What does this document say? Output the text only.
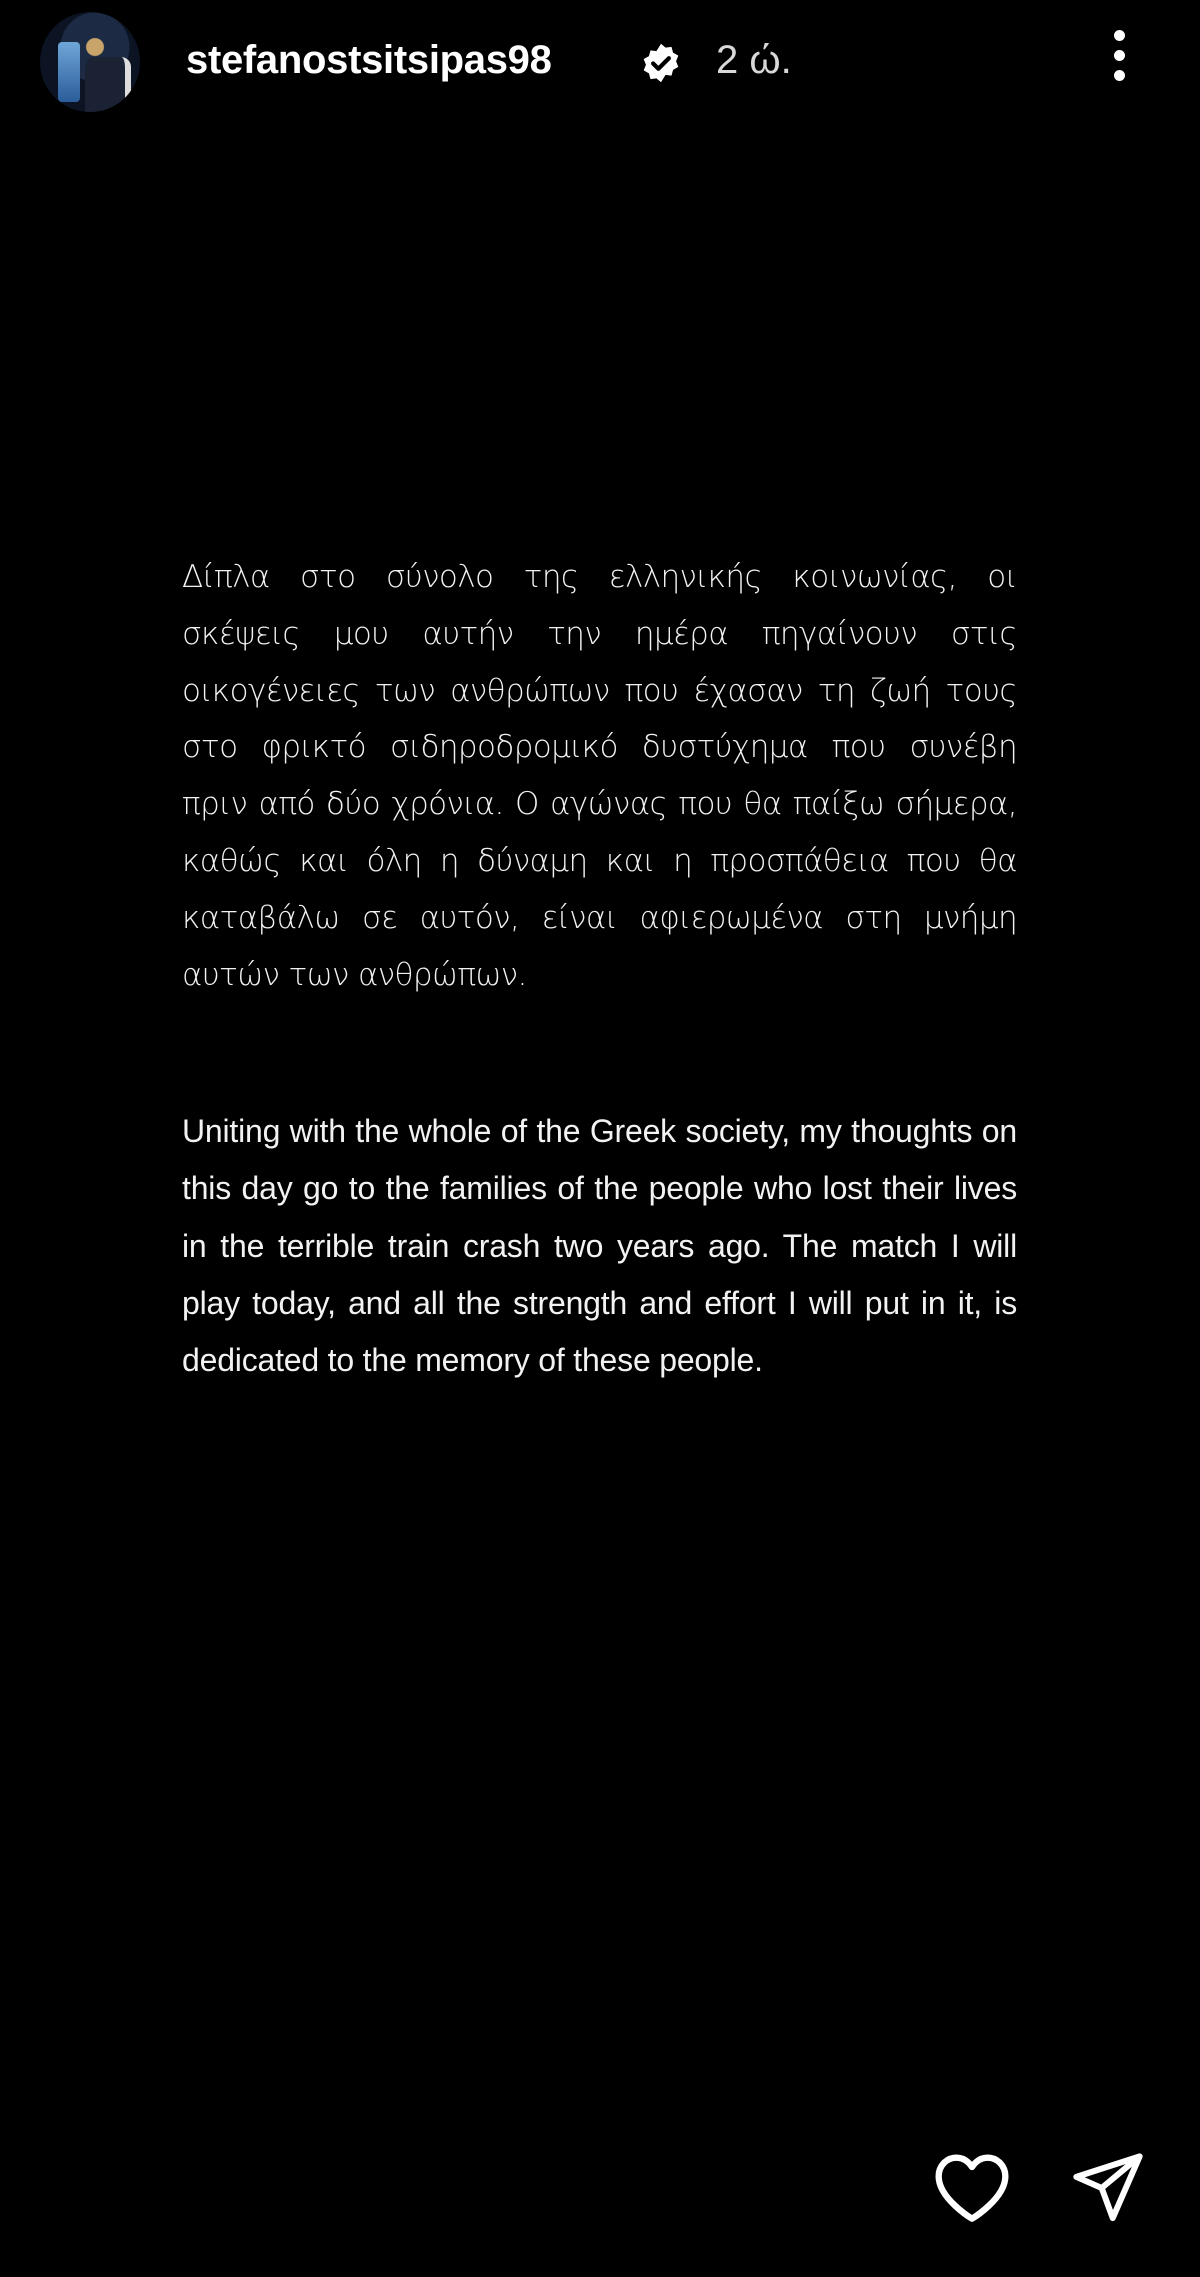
stefanostsitsipas98	2 ώ.
Δίπλα στο σύνολο της ελληνικής κοινωνίας, οι σκέψεις μου αυτήν την ημέρα πηγαίνουν στις οικογένειες των ανθρώπων που έχασαν τη ζωή τους στο φρικτό σιδηροδρομικό δυστύχημα που συνέβη πριν από δύο χρόνια. Ο αγώνας που θα παίξω σήμερα, καθώς και όλη η δύναμη και η προσπάθεια που θα καταβάλω σε αυτόν, είναι αφιερωμένα στη μνήμη αυτών των ανθρώπων.
Uniting with the whole of the Greek society, my thoughts on this day go to the families of the people who lost their lives in the terrible train crash two years ago. The match I will play today, and all the strength and effort I will put in it, is dedicated to the memory of these people.
